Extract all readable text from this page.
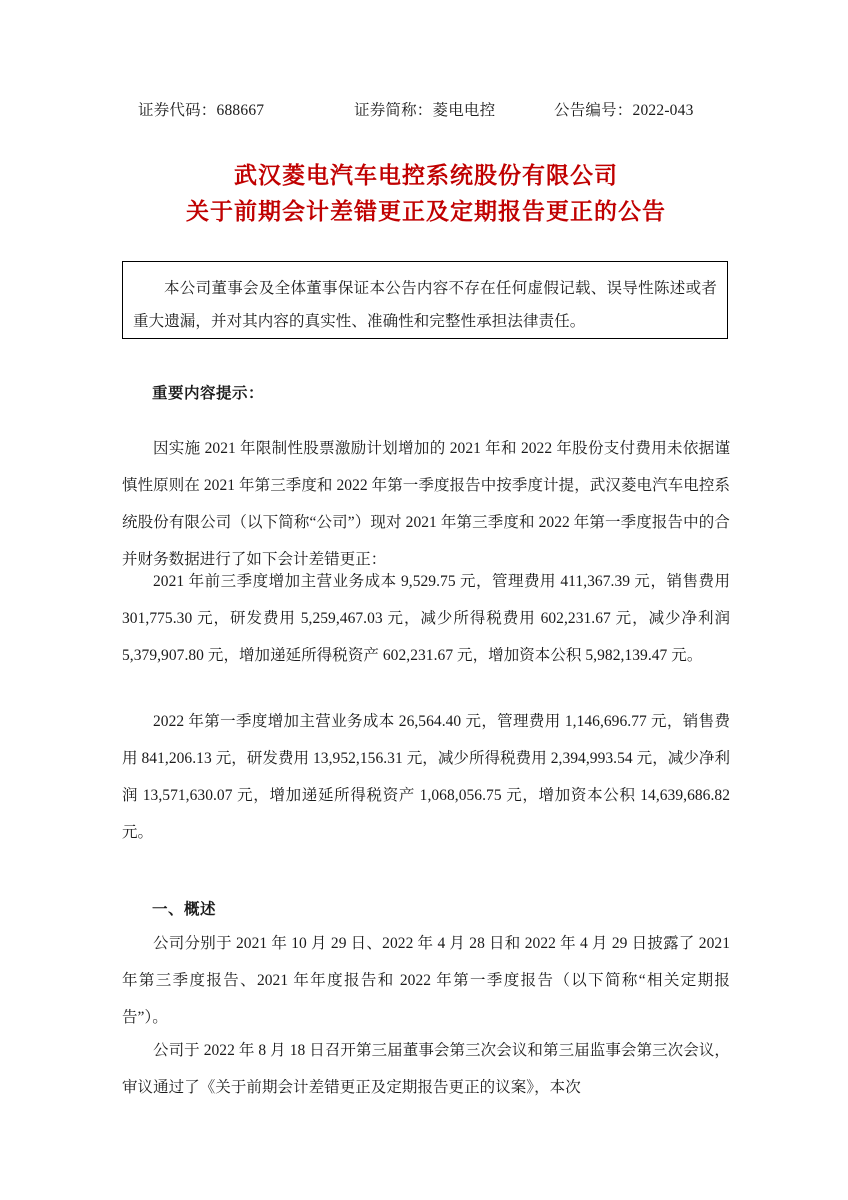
证券代码：688667	证券简称：菱电电控	公告编号：2022-043
武汉菱电汽车电控系统股份有限公司
关于前期会计差错更正及定期报告更正的公告
本公司董事会及全体董事保证本公告内容不存在任何虚假记载、误导性陈述或者重大遗漏，并对其内容的真实性、准确性和完整性承担法律责任。
重要内容提示：
因实施 2021 年限制性股票激励计划增加的 2021 年和 2022 年股份支付费用未依据谨慎性原则在 2021 年第三季度和 2022 年第一季度报告中按季度计提，武汉菱电汽车电控系统股份有限公司（以下简称“公司”）现对 2021 年第三季度和 2022 年第一季度报告中的合并财务数据进行了如下会计差错更正：
2021 年前三季度增加主营业务成本 9,529.75 元，管理费用 411,367.39 元，销售费用 301,775.30 元，研发费用 5,259,467.03 元，减少所得税费用 602,231.67 元，减少净利润 5,379,907.80 元，增加递延所得税资产 602,231.67 元，增加资本公积 5,982,139.47 元。
2022 年第一季度增加主营业务成本 26,564.40 元，管理费用 1,146,696.77 元，销售费用 841,206.13 元，研发费用 13,952,156.31 元，减少所得税费用 2,394,993.54 元，减少净利润 13,571,630.07 元，增加递延所得税资产 1,068,056.75 元，增加资本公积 14,639,686.82 元。
一、概述
公司分别于 2021 年 10 月 29 日、2022 年 4 月 28 日和 2022 年 4 月 29 日披露了 2021 年第三季度报告、2021 年年度报告和 2022 年第一季度报告（以下简称“相关定期报告”）。
公司于 2022 年 8 月 18 日召开第三届董事会第三次会议和第三届监事会第三次会议，审议通过了《关于前期会计差错更正及定期报告更正的议案》，本次
